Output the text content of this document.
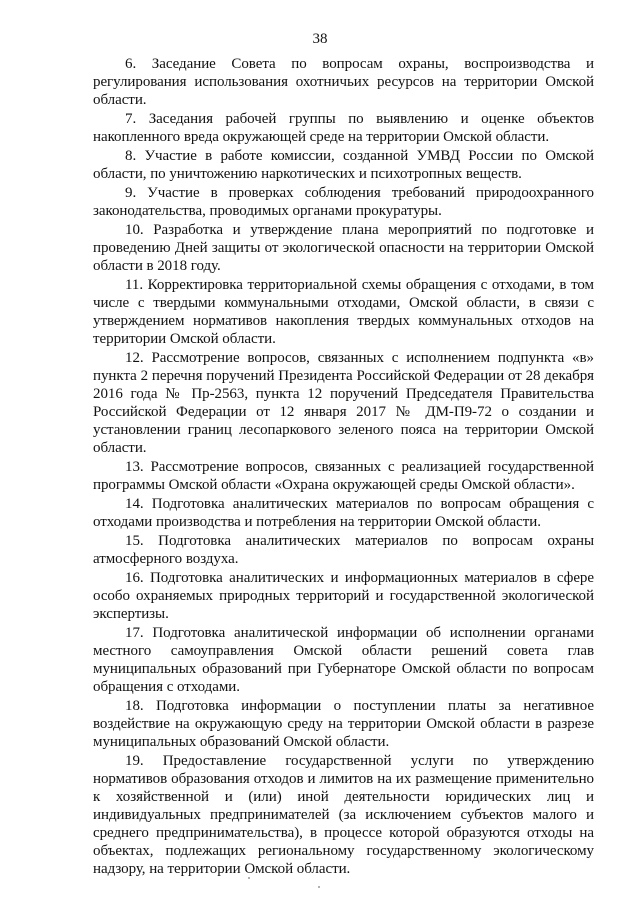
38

6. Заседание Совета по вопросам охраны, воспроизводства и регулирования использования охотничьих ресурсов на территории Омской области.

7. Заседания рабочей группы по выявлению и оценке объектов накопленного вреда окружающей среде на территории Омской области.

8. Участие в работе комиссии, созданной УМВД России по Омской области, по уничтожению наркотических и психотропных веществ.

9. Участие в проверках соблюдения требований природоохранного законодательства, проводимых органами прокуратуры.

10. Разработка и утверждение плана мероприятий по подготовке и проведению Дней защиты от экологической опасности на территории Омской области в 2018 году.

11. Корректировка территориальной схемы обращения с отходами, в том числе с твердыми коммунальными отходами, Омской области, в связи с утверждением нормативов накопления твердых коммунальных отходов на территории Омской области.

12. Рассмотрение вопросов, связанных с исполнением подпункта «в» пункта 2 перечня поручений Президента Российской Федерации от 28 декабря 2016 года № Пр-2563, пункта 12 поручений Председателя Правительства Российской Федерации от 12 января 2017 № ДМ-П9-72 о создании и установлении границ лесопаркового зеленого пояса на территории Омской области.

13. Рассмотрение вопросов, связанных с реализацией государственной программы Омской области «Охрана окружающей среды Омской области».

14. Подготовка аналитических материалов по вопросам обращения с отходами производства и потребления на территории Омской области.

15. Подготовка аналитических материалов по вопросам охраны атмосферного воздуха.

16. Подготовка аналитических и информационных материалов в сфере особо охраняемых природных территорий и государственной экологической экспертизы.

17. Подготовка аналитической информации об исполнении органами местного самоуправления Омской области решений совета глав муниципальных образований при Губернаторе Омской области по вопросам обращения с отходами.

18. Подготовка информации о поступлении платы за негативное воздействие на окружающую среду на территории Омской области в разрезе муниципальных образований Омской области.

19. Предоставление государственной услуги по утверждению нормативов образования отходов и лимитов на их размещение применительно к хозяйственной и (или) иной деятельности юридических лиц и индивидуальных предпринимателей (за исключением субъектов малого и среднего предпринимательства), в процессе которой образуются отходы на объектах, подлежащих региональному государственному экологическому надзору, на территории Омской области.
